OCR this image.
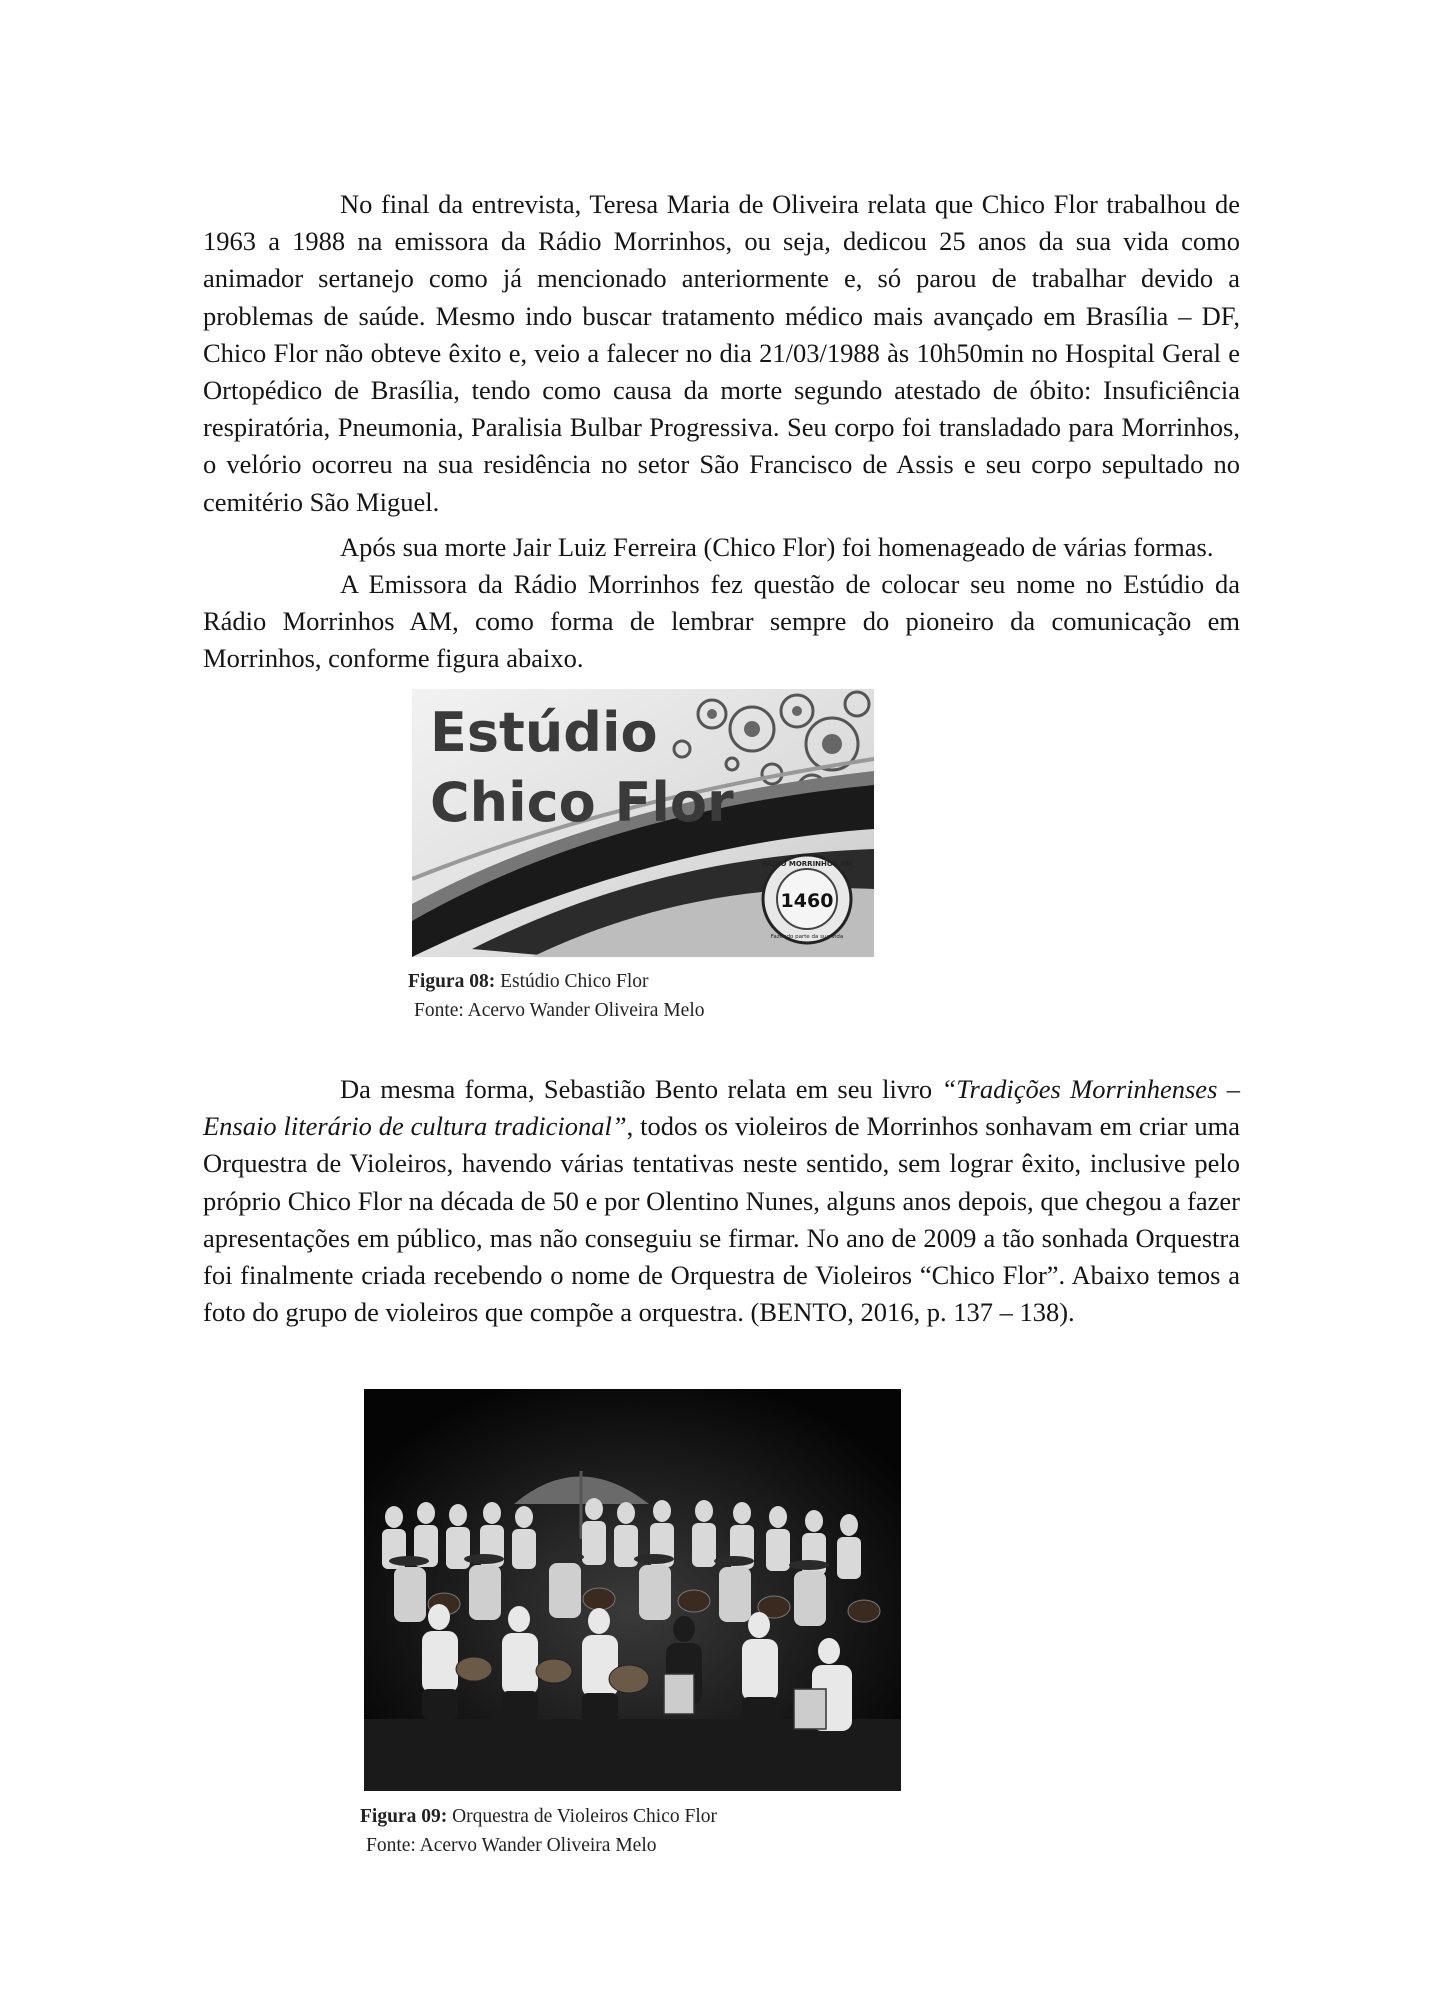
No final da entrevista, Teresa Maria de Oliveira relata que Chico Flor trabalhou de 1963 a 1988 na emissora da Rádio Morrinhos, ou seja, dedicou 25 anos da sua vida como animador sertanejo como já mencionado anteriormente e, só parou de trabalhar devido a problemas de saúde. Mesmo indo buscar tratamento médico mais avançado em Brasília – DF, Chico Flor não obteve êxito e, veio a falecer no dia 21/03/1988 às 10h50min no Hospital Geral e Ortopédico de Brasília, tendo como causa da morte segundo atestado de óbito: Insuficiência respiratória, Pneumonia, Paralisia Bulbar Progressiva. Seu corpo foi transladado para Morrinhos, o velório ocorreu na sua residência no setor São Francisco de Assis e seu corpo sepultado no cemitério São Miguel.

Após sua morte Jair Luiz Ferreira (Chico Flor) foi homenageado de várias formas.

A Emissora da Rádio Morrinhos fez questão de colocar seu nome no Estúdio da Rádio Morrinhos AM, como forma de lembrar sempre do pioneiro da comunicação em Morrinhos, conforme figura abaixo.

Estúdio
Chico Flor
RÁDIO MORRINHOS AM
1460
Fazendo parte da sua vida
Figura 08: Estúdio Chico Flor
Fonte: Acervo Wander Oliveira Melo

Da mesma forma, Sebastião Bento relata em seu livro “Tradições Morrinhenses – Ensaio literário de cultura tradicional”, todos os violeiros de Morrinhos sonhavam em criar uma Orquestra de Violeiros, havendo várias tentativas neste sentido, sem lograr êxito, inclusive pelo próprio Chico Flor na década de 50 e por Olentino Nunes, alguns anos depois, que chegou a fazer apresentações em público, mas não conseguiu se firmar. No ano de 2009 a tão sonhada Orquestra foi finalmente criada recebendo o nome de Orquestra de Violeiros “Chico Flor”. Abaixo temos a foto do grupo de violeiros que compõe a orquestra. (BENTO, 2016, p. 137 – 138).

Figura 09: Orquestra de Violeiros Chico Flor
Fonte: Acervo Wander Oliveira Melo
